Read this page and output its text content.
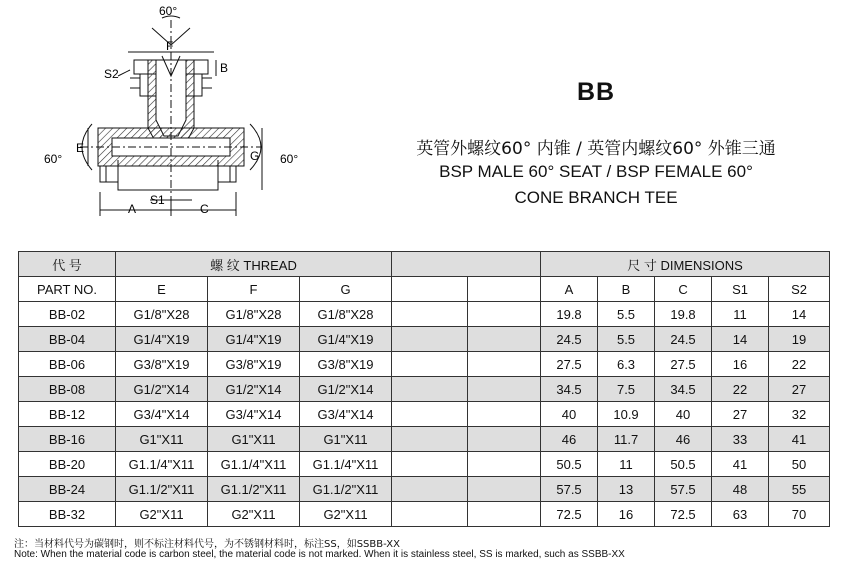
60°
60°	60°
F
B
S2
E
G
S1
A	C
BB
英管外螺纹60° 内锥 / 英管内螺纹60° 外锥三通
BSP MALE 60° SEAT / BSP FEMALE 60°
CONE BRANCH TEE
代 号	螺 纹 THREAD					尺 寸 DIMENSIONS				
PART NO.	E	F	G			A	B	C	S1	S2
BB-02	G1/8"X28	G1/8"X28	G1/8"X28			19.8	5.5	19.8	11	14
BB-04	G1/4"X19	G1/4"X19	G1/4"X19			24.5	5.5	24.5	14	19
BB-06	G3/8"X19	G3/8"X19	G3/8"X19			27.5	6.3	27.5	16	22
BB-08	G1/2"X14	G1/2"X14	G1/2"X14			34.5	7.5	34.5	22	27
BB-12	G3/4"X14	G3/4"X14	G3/4"X14			40	10.9	40	27	32
BB-16	G1"X11	G1"X11	G1"X11			46	11.7	46	33	41
BB-20	G1.1/4"X11	G1.1/4"X11	G1.1/4"X11			50.5	11	50.5	41	50
BB-24	G1.1/2"X11	G1.1/2"X11	G1.1/2"X11			57.5	13	57.5	48	55
BB-32	G2"X11	G2"X11	G2"X11			72.5	16	72.5	63	70
注：当材料代号为碳钢时，则不标注材料代号，为不锈钢材料时，标注SS，如SSBB-XX
Note: When the material code is carbon steel, the material code is not marked. When it is stainless steel, SS is marked, such as SSBB-XX
